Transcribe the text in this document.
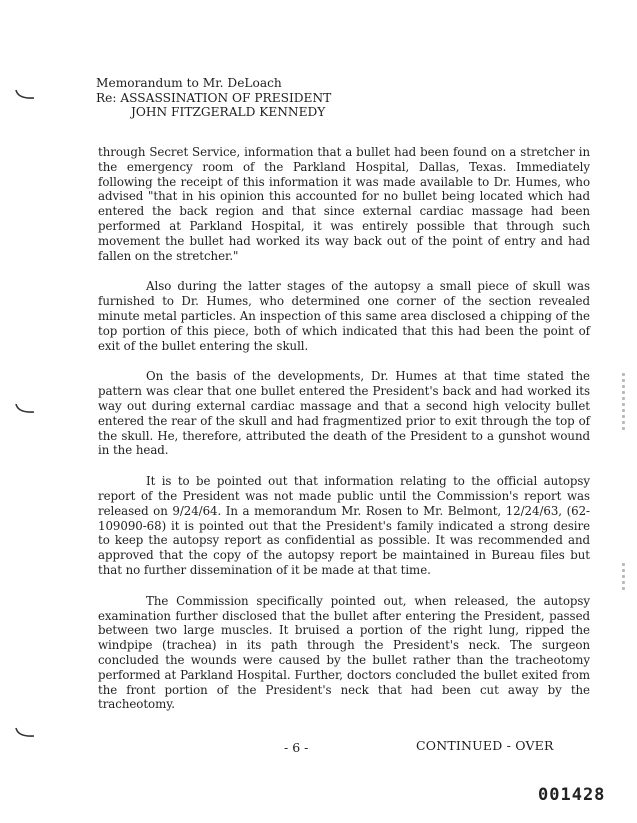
Memorandum to Mr. DeLoach
Re: ASSASSINATION OF PRESIDENT
JOHN FITZGERALD KENNEDY

through Secret Service, information that a bullet had been found on a stretcher in the emergency room of the Parkland Hospital, Dallas, Texas. Immediately following the receipt of this information it was made available to Dr. Humes, who advised "that in his opinion this accounted for no bullet being located which had entered the back region and that since external cardiac massage had been performed at Parkland Hospital, it was entirely possible that through such movement the bullet had worked its way back out of the point of entry and had fallen on the stretcher."

Also during the latter stages of the autopsy a small piece of skull was furnished to Dr. Humes, who determined one corner of the section revealed minute metal particles. An inspection of this same area disclosed a chipping of the top portion of this piece, both of which indicated that this had been the point of exit of the bullet entering the skull.

On the basis of the developments, Dr. Humes at that time stated the pattern was clear that one bullet entered the President's back and had worked its way out during external cardiac massage and that a second high velocity bullet entered the rear of the skull and had fragmentized prior to exit through the top of the skull. He, therefore, attributed the death of the President to a gunshot wound in the head.

It is to be pointed out that information relating to the official autopsy report of the President was not made public until the Commission's report was released on 9/24/64. In a memorandum Mr. Rosen to Mr. Belmont, 12/24/63, (62-109090-68) it is pointed out that the President's family indicated a strong desire to keep the autopsy report as confidential as possible. It was recommended and approved that the copy of the autopsy report be maintained in Bureau files but that no further dissemination of it be made at that time.

The Commission specifically pointed out, when released, the autopsy examination further disclosed that the bullet after entering the President, passed between two large muscles. It bruised a portion of the right lung, ripped the windpipe (trachea) in its path through the President's neck. The surgeon concluded the wounds were caused by the bullet rather than the tracheotomy performed at Parkland Hospital. Further, doctors concluded the bullet exited from the front portion of the President's neck that had been cut away by the tracheotomy.

- 6 -	CONTINUED - OVER
001428
